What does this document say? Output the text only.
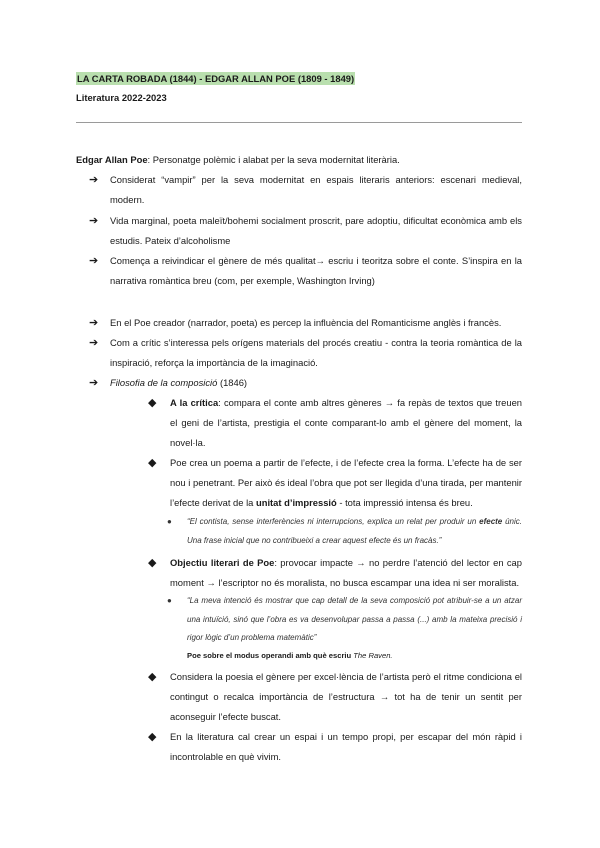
LA CARTA ROBADA (1844) - EDGAR ALLAN POE (1809 - 1849)
Literatura 2022-2023
Edgar Allan Poe: Personatge polèmic i alabat per la seva modernitat literària.
➔ Considerat “vampir” per la seva modernitat en espais literaris anteriors: escenari medieval, modern.
➔ Vida marginal, poeta maleït/bohemi socialment proscrit, pare adoptiu, dificultat econòmica amb els estudis. Pateix d’alcoholisme
➔ Comença a reivindicar el gènere de més qualitat→ escriu i teoritza sobre el conte. S’inspira en la narrativa romàntica breu (com, per exemple, Washington Irving)
➔ En el Poe creador (narrador, poeta) es percep la influència del Romanticisme anglès i francès.
➔ Com a crític s’interessa pels orígens materials del procés creatiu - contra la teoria romàntica de la inspiració, reforça la importància de la imaginació.
➔ Filosofia de la composició (1846)
◆ A la crítica: compara el conte amb altres gèneres → fa repàs de textos que treuen el geni de l’artista, prestigia el conte comparant-lo amb el gènere del moment, la novel·la.
◆ Poe crea un poema a partir de l’efecte, i de l’efecte crea la forma. L’efecte ha de ser nou i penetrant. Per això és ideal l’obra que pot ser llegida d’una tirada, per mantenir l’efecte derivat de la unitat d’impressió - tota impressió intensa és breu.
● “El contista, sense interferències ni interrupcions, explica un relat per produir un efecte únic. Una frase inicial que no contribueixi a crear aquest efecte és un fracàs.”
◆ Objectiu literari de Poe: provocar impacte → no perdre l’atenció del lector en cap moment → l’escriptor no és moralista, no busca escampar una idea ni ser moralista.
● “La meva intenció és mostrar que cap detall de la seva composició pot atribuir-se a un atzar una intuïció, sinó que l’obra es va desenvolupar passa a passa (...) amb la mateixa precisió i rigor lògic d’un problema matemàtic”
Poe sobre el modus operandi amb què escriu The Raven.
◆ Considera la poesia el gènere per excel·lència de l’artista però el ritme condiciona el contingut o recalca importància de l’estructura → tot ha de tenir un sentit per aconseguir l’efecte buscat.
◆ En la literatura cal crear un espai i un tempo propi, per escapar del món ràpid i incontrolable en què vivim.
